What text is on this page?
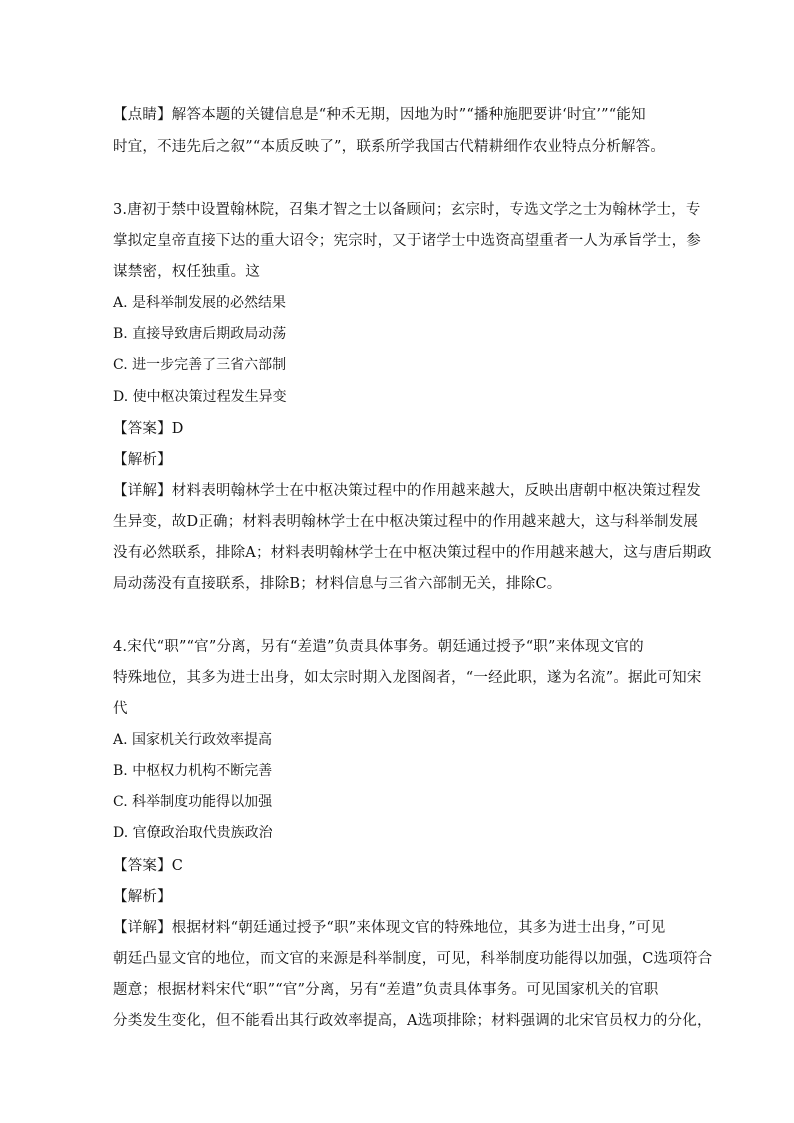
【点睛】解答本题的关键信息是“种禾无期，因地为时”“播种施肥要讲‘时宜’”“能知
时宜，不违先后之叙”“本质反映了”，联系所学我国古代精耕细作农业特点分析解答。
3.唐初于禁中设置翰林院，召集才智之士以备顾问；玄宗时，专选文学之士为翰林学士，专
掌拟定皇帝直接下达的重大诏令；宪宗时，又于诸学士中选资高望重者一人为承旨学士，参
谋禁密，权任独重。这
A. 是科举制发展的必然结果
B. 直接导致唐后期政局动荡
C. 进一步完善了三省六部制
D. 使中枢决策过程发生异变
【答案】D
【解析】
【详解】材料表明翰林学士在中枢决策过程中的作用越来越大，反映出唐朝中枢决策过程发
生异变，故D正确；材料表明翰林学士在中枢决策过程中的作用越来越大，这与科举制发展
没有必然联系，排除A；材料表明翰林学士在中枢决策过程中的作用越来越大，这与唐后期政
局动荡没有直接联系，排除B；材料信息与三省六部制无关，排除C。
4.宋代“职”“官”分离，另有“差遣”负责具体事务。朝廷通过授予“职”来体现文官的
特殊地位，其多为进士出身，如太宗时期入龙图阁者，“一经此职，遂为名流”。据此可知宋
代
A. 国家机关行政效率提高
B. 中枢权力机构不断完善
C. 科举制度功能得以加强
D. 官僚政治取代贵族政治
【答案】C
【解析】
【详解】根据材料“朝廷通过授予“职”来体现文官的特殊地位，其多为进士出身，”可见
朝廷凸显文官的地位，而文官的来源是科举制度，可见，科举制度功能得以加强，C选项符合
题意；根据材料宋代“职”“官”分离，另有“差遣”负责具体事务。可见国家机关的官职
分类发生变化，但不能看出其行政效率提高，A选项排除；材料强调的北宋官员权力的分化，
